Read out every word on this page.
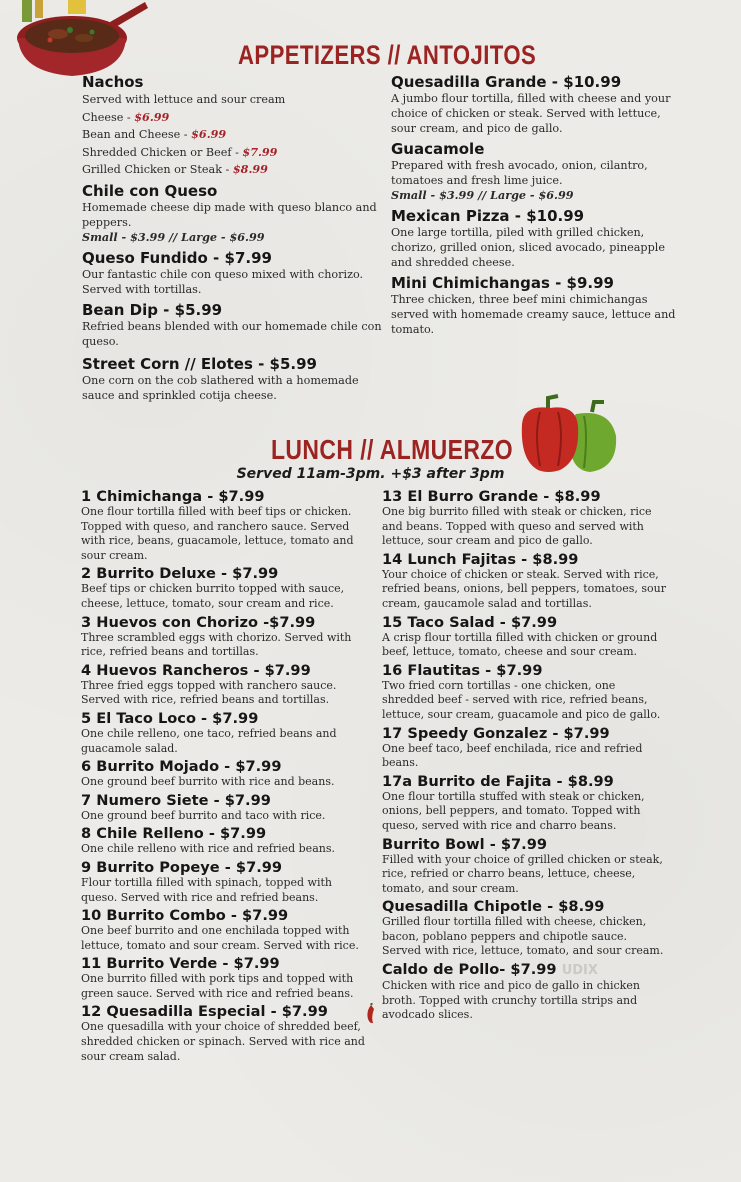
APPETIZERS // ANTOJITOS
Nachos

Served with lettuce and sour cream
Cheese - $6.99
Bean and Cheese - $6.99
Shredded Chicken or Beef - $7.99
Grilled Chicken or Steak - $8.99

Chile con Queso

Homemade cheese dip made with queso blanco and peppers.

Small - $3.99 // Large - $6.99

Queso Fundido - $7.99

Our fantastic chile con queso mixed with chorizo. Served with tortillas.

Bean Dip - $5.99

Refried beans blended with our homemade chile con queso.

Street Corn // Elotes - $5.99

One corn on the cob slathered with a homemade sauce and sprinkled cotija cheese.

Quesadilla Grande - $10.99

A jumbo flour tortilla, filled with cheese and your choice of chicken or steak. Served with lettuce, sour cream, and pico de gallo.

Guacamole

Prepared with fresh avocado, onion, cilantro, tomatoes and fresh lime juice.

Small - $3.99 // Large - $6.99

Mexican Pizza - $10.99

One large tortilla, piled with grilled chicken, chorizo, grilled onion, sliced avocado, pineapple and shredded cheese.

Mini Chimichangas - $9.99

Three chicken, three beef mini chimichangas served with homemade creamy sauce, lettuce and tomato.

LUNCH // ALMUERZO
Served 11am-3pm. +$3 after 3pm
1 Chimichanga - $7.99

One flour tortilla filled with beef tips or chicken. Topped with queso, and ranchero sauce. Served with rice, beans, guacamole, lettuce, tomato and sour cream.

2 Burrito Deluxe - $7.99

Beef tips or chicken burrito topped with sauce, cheese, lettuce, tomato, sour cream and rice.

3 Huevos con Chorizo -$7.99

Three scrambled eggs with chorizo. Served with rice, refried beans and tortillas.

4 Huevos Rancheros - $7.99

Three fried eggs topped with ranchero sauce. Served with rice, refried beans and tortillas.

5 El Taco Loco - $7.99

One chile relleno, one taco, refried beans and guacamole salad.

6 Burrito Mojado - $7.99

One ground beef burrito with rice and beans.

7 Numero Siete - $7.99

One ground beef burrito and taco with rice.

8 Chile Relleno - $7.99

One chile relleno with rice and refried beans.

9 Burrito Popeye - $7.99

Flour tortilla filled with spinach, topped with queso. Served with rice and refried beans.

10 Burrito Combo - $7.99

One beef burrito and one enchilada topped with lettuce, tomato and sour cream. Served with rice.

11 Burrito Verde - $7.99

One burrito filled with pork tips and topped with green sauce. Served with rice and refried beans.

12 Quesadilla Especial - $7.99

One quesadilla with your choice of shredded beef, shredded chicken or spinach. Served with rice and sour cream salad.

13 El Burro Grande - $8.99

One big burrito filled with steak or chicken, rice and beans. Topped with queso and served with lettuce, sour cream and pico de gallo.

14 Lunch Fajitas - $8.99

Your choice of chicken or steak. Served with rice, refried beans, onions, bell peppers, tomatoes, sour cream, gaucamole salad and tortillas.

15 Taco Salad - $7.99

A crisp flour tortilla filled with chicken or ground beef, lettuce, tomato, cheese and sour cream.

16 Flautitas - $7.99

Two fried corn tortillas - one chicken, one shredded beef - served with rice, refried beans, lettuce, sour cream, guacamole and pico de gallo.

17 Speedy Gonzalez - $7.99

One beef taco, beef enchilada, rice and refried beans.

17a Burrito de Fajita - $8.99

One flour tortilla stuffed with steak or chicken, onions, bell peppers, and tomato. Topped with queso, served with rice and charro beans.

Burrito Bowl - $7.99

Filled with your choice of grilled chicken or steak, rice, refried or charro beans, lettuce, cheese, tomato, and sour cream.

Quesadilla Chipotle - $8.99

Grilled flour tortilla filled with cheese, chicken, bacon, poblano peppers and chipotle sauce. Served with rice, lettuce, tomato, and sour cream.

Caldo de Pollo- $7.99 UDIX

Chicken with rice and pico de gallo in chicken broth. Topped with crunchy tortilla strips and avodcado slices.
